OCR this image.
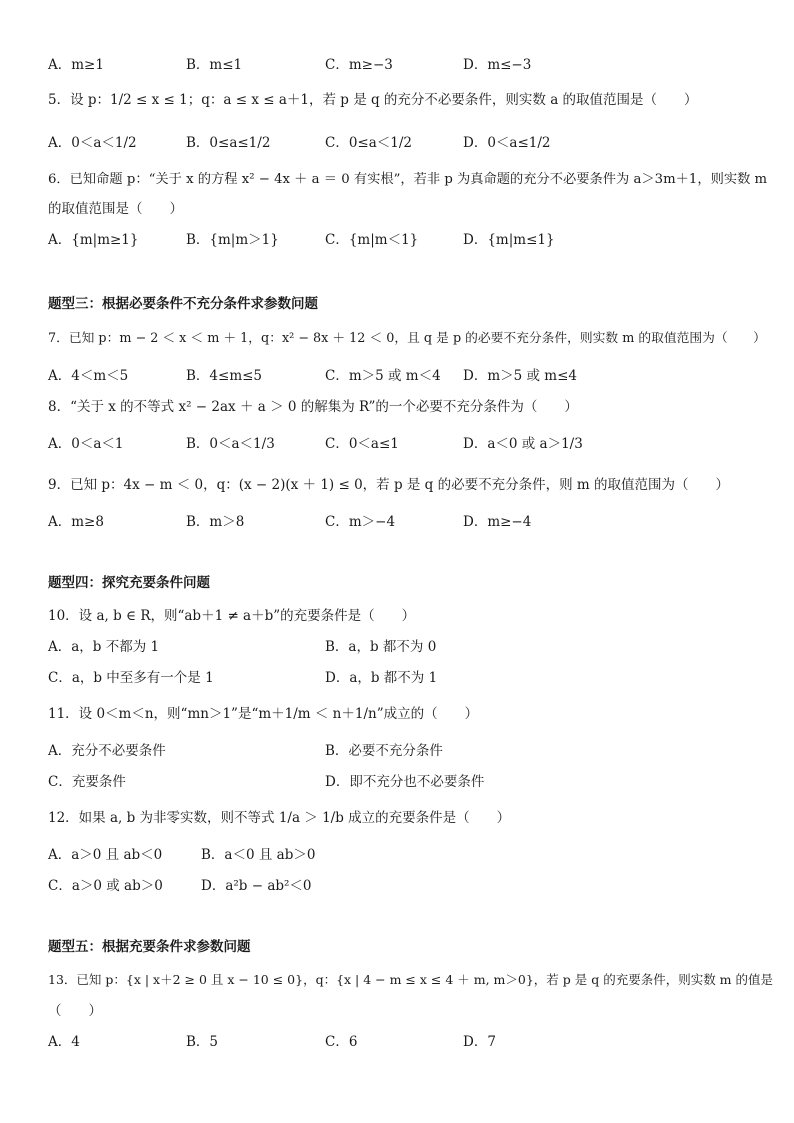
A．m≥1	B．m≤1	C．m≥−3	D．m≤−3
5．设 p：1/2 ≤ x ≤ 1；q：a ≤ x ≤ a＋1，若 p 是 q 的充分不必要条件，则实数 a 的取值范围是（　　）
A．0＜a＜1/2	B．0≤a≤1/2	C．0≤a＜1/2	D．0＜a≤1/2
6．已知命题 p：“关于 x 的方程 x² − 4x ＋ a ＝ 0 有实根”，若非 p 为真命题的充分不必要条件为 a＞3m＋1，则实数 m
的取值范围是（　　）
A．{m|m≥1}	B．{m|m＞1}	C．{m|m＜1}	D．{m|m≤1}
题型三：根据必要条件不充分条件求参数问题
7．已知 p：m − 2 ＜ x ＜ m ＋ 1，q：x² − 8x ＋ 12 ＜ 0，且 q 是 p 的必要不充分条件，则实数 m 的取值范围为（　　）
A．4＜m＜5	B．4≤m≤5	C．m＞5 或 m＜4 D．m＞5 或 m≤4
8．“关于 x 的不等式 x² − 2ax ＋ a ＞ 0 的解集为 R”的一个必要不充分条件为（　　）
A．0＜a＜1	B．0＜a＜1/3	C．0＜a≤1	D．a＜0 或 a＞1/3
9．已知 p：4x − m ＜ 0，q：(x − 2)(x ＋ 1) ≤ 0，若 p 是 q 的必要不充分条件，则 m 的取值范围为（　　）
A．m≥8	B．m＞8	C．m＞−4	D．m≥−4
题型四：探究充要条件问题
10．设 a, b ∈ R，则“ab＋1 ≠ a＋b”的充要条件是（　　）
A．a，b 不都为 1	B．a，b 都不为 0
C．a，b 中至多有一个是 1	D．a，b 都不为 1
11．设 0＜m＜n，则“mn＞1”是“m＋1/m ＜ n＋1/n”成立的（　　）
A．充分不必要条件	B．必要不充分条件
C．充要条件	D．即不充分也不必要条件
12．如果 a, b 为非零实数，则不等式 1/a ＞ 1/b 成立的充要条件是（　　）
A．a＞0 且 ab＜0	B．a＜0 且 ab＞0
C．a＞0 或 ab＞0	D．a²b − ab²＜0
题型五：根据充要条件求参数问题
13．已知 p：{x | x＋2 ≥ 0 且 x − 10 ≤ 0}，q：{x | 4 − m ≤ x ≤ 4 ＋ m, m＞0}，若 p 是 q 的充要条件，则实数 m 的值是
（　　）
A．4	B．5	C．6	D．7
